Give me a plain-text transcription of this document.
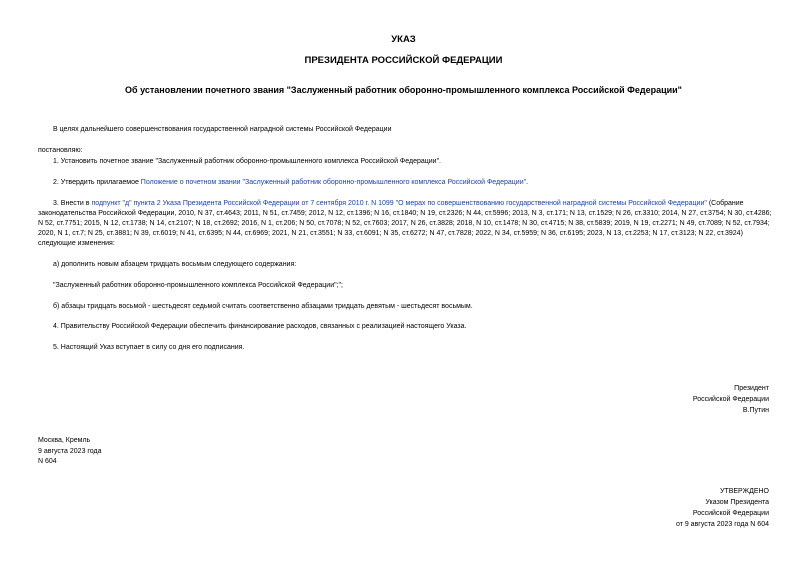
УКАЗ
ПРЕЗИДЕНТА РОССИЙСКОЙ ФЕДЕРАЦИИ
Об установлении почетного звания "Заслуженный работник оборонно-промышленного комплекса Российской Федерации"
В целях дальнейшего совершенствования государственной наградной системы Российской Федерации
постановляю:
1. Установить почетное звание "Заслуженный работник оборонно-промышленного комплекса Российской Федерации".
2. Утвердить прилагаемое Положение о почетном звании "Заслуженный работник оборонно-промышленного комплекса Российской Федерации".
3. Внести в подпункт "д" пункта 2 Указа Президента Российской Федерации от 7 сентября 2010 г. N 1099 "О мерах по совершенствованию государственной наградной системы Российской Федерации" (Собрание законодательства Российской Федерации, 2010, N 37, ст.4643; 2011, N 51, ст.7459; 2012, N 12, ст.1396; N 16, ст.1840; N 19, ст.2326; N 44, ст.5996; 2013, N 3, ст.171; N 13, ст.1529; N 26, ст.3310; 2014, N 27, ст.3754; N 30, ст.4286; N 52, ст.7751; 2015, N 12, ст.1738; N 14, ст.2107; N 18, ст.2692; 2016, N 1, ст.206; N 50, ст.7078; N 52, ст.7603; 2017, N 26, ст.3828; 2018, N 10, ст.1478; N 30, ст.4715; N 38, ст.5839; 2019, N 19, ст.2271; N 49, ст.7089; N 52, ст.7934; 2020, N 1, ст.7; N 25, ст.3881; N 39, ст.6019; N 41, ст.6395; N 44, ст.6969; 2021, N 21, ст.3551; N 33, ст.6091; N 35, ст.6272; N 47, ст.7828; 2022, N 34, ст.5959; N 36, ст.6195; 2023, N 13, ст.2253; N 17, ст.3123; N 22, ст.3924) следующие изменения:
а) дополнить новым абзацем тридцать восьмым следующего содержания:
"Заслуженный работник оборонно-промышленного комплекса Российской Федерации";";
б) абзацы тридцать восьмой - шестьдесят седьмой считать соответственно абзацами тридцать девятым - шестьдесят восьмым.
4. Правительству Российской Федерации обеспечить финансирование расходов, связанных с реализацией настоящего Указа.
5. Настоящий Указ вступает в силу со дня его подписания.
Президент
Российской Федерации
В.Путин
Москва, Кремль
9 августа 2023 года
N 604
УТВЕРЖДЕНО
Указом Президента
Российской Федерации
от 9 августа 2023 года N 604
